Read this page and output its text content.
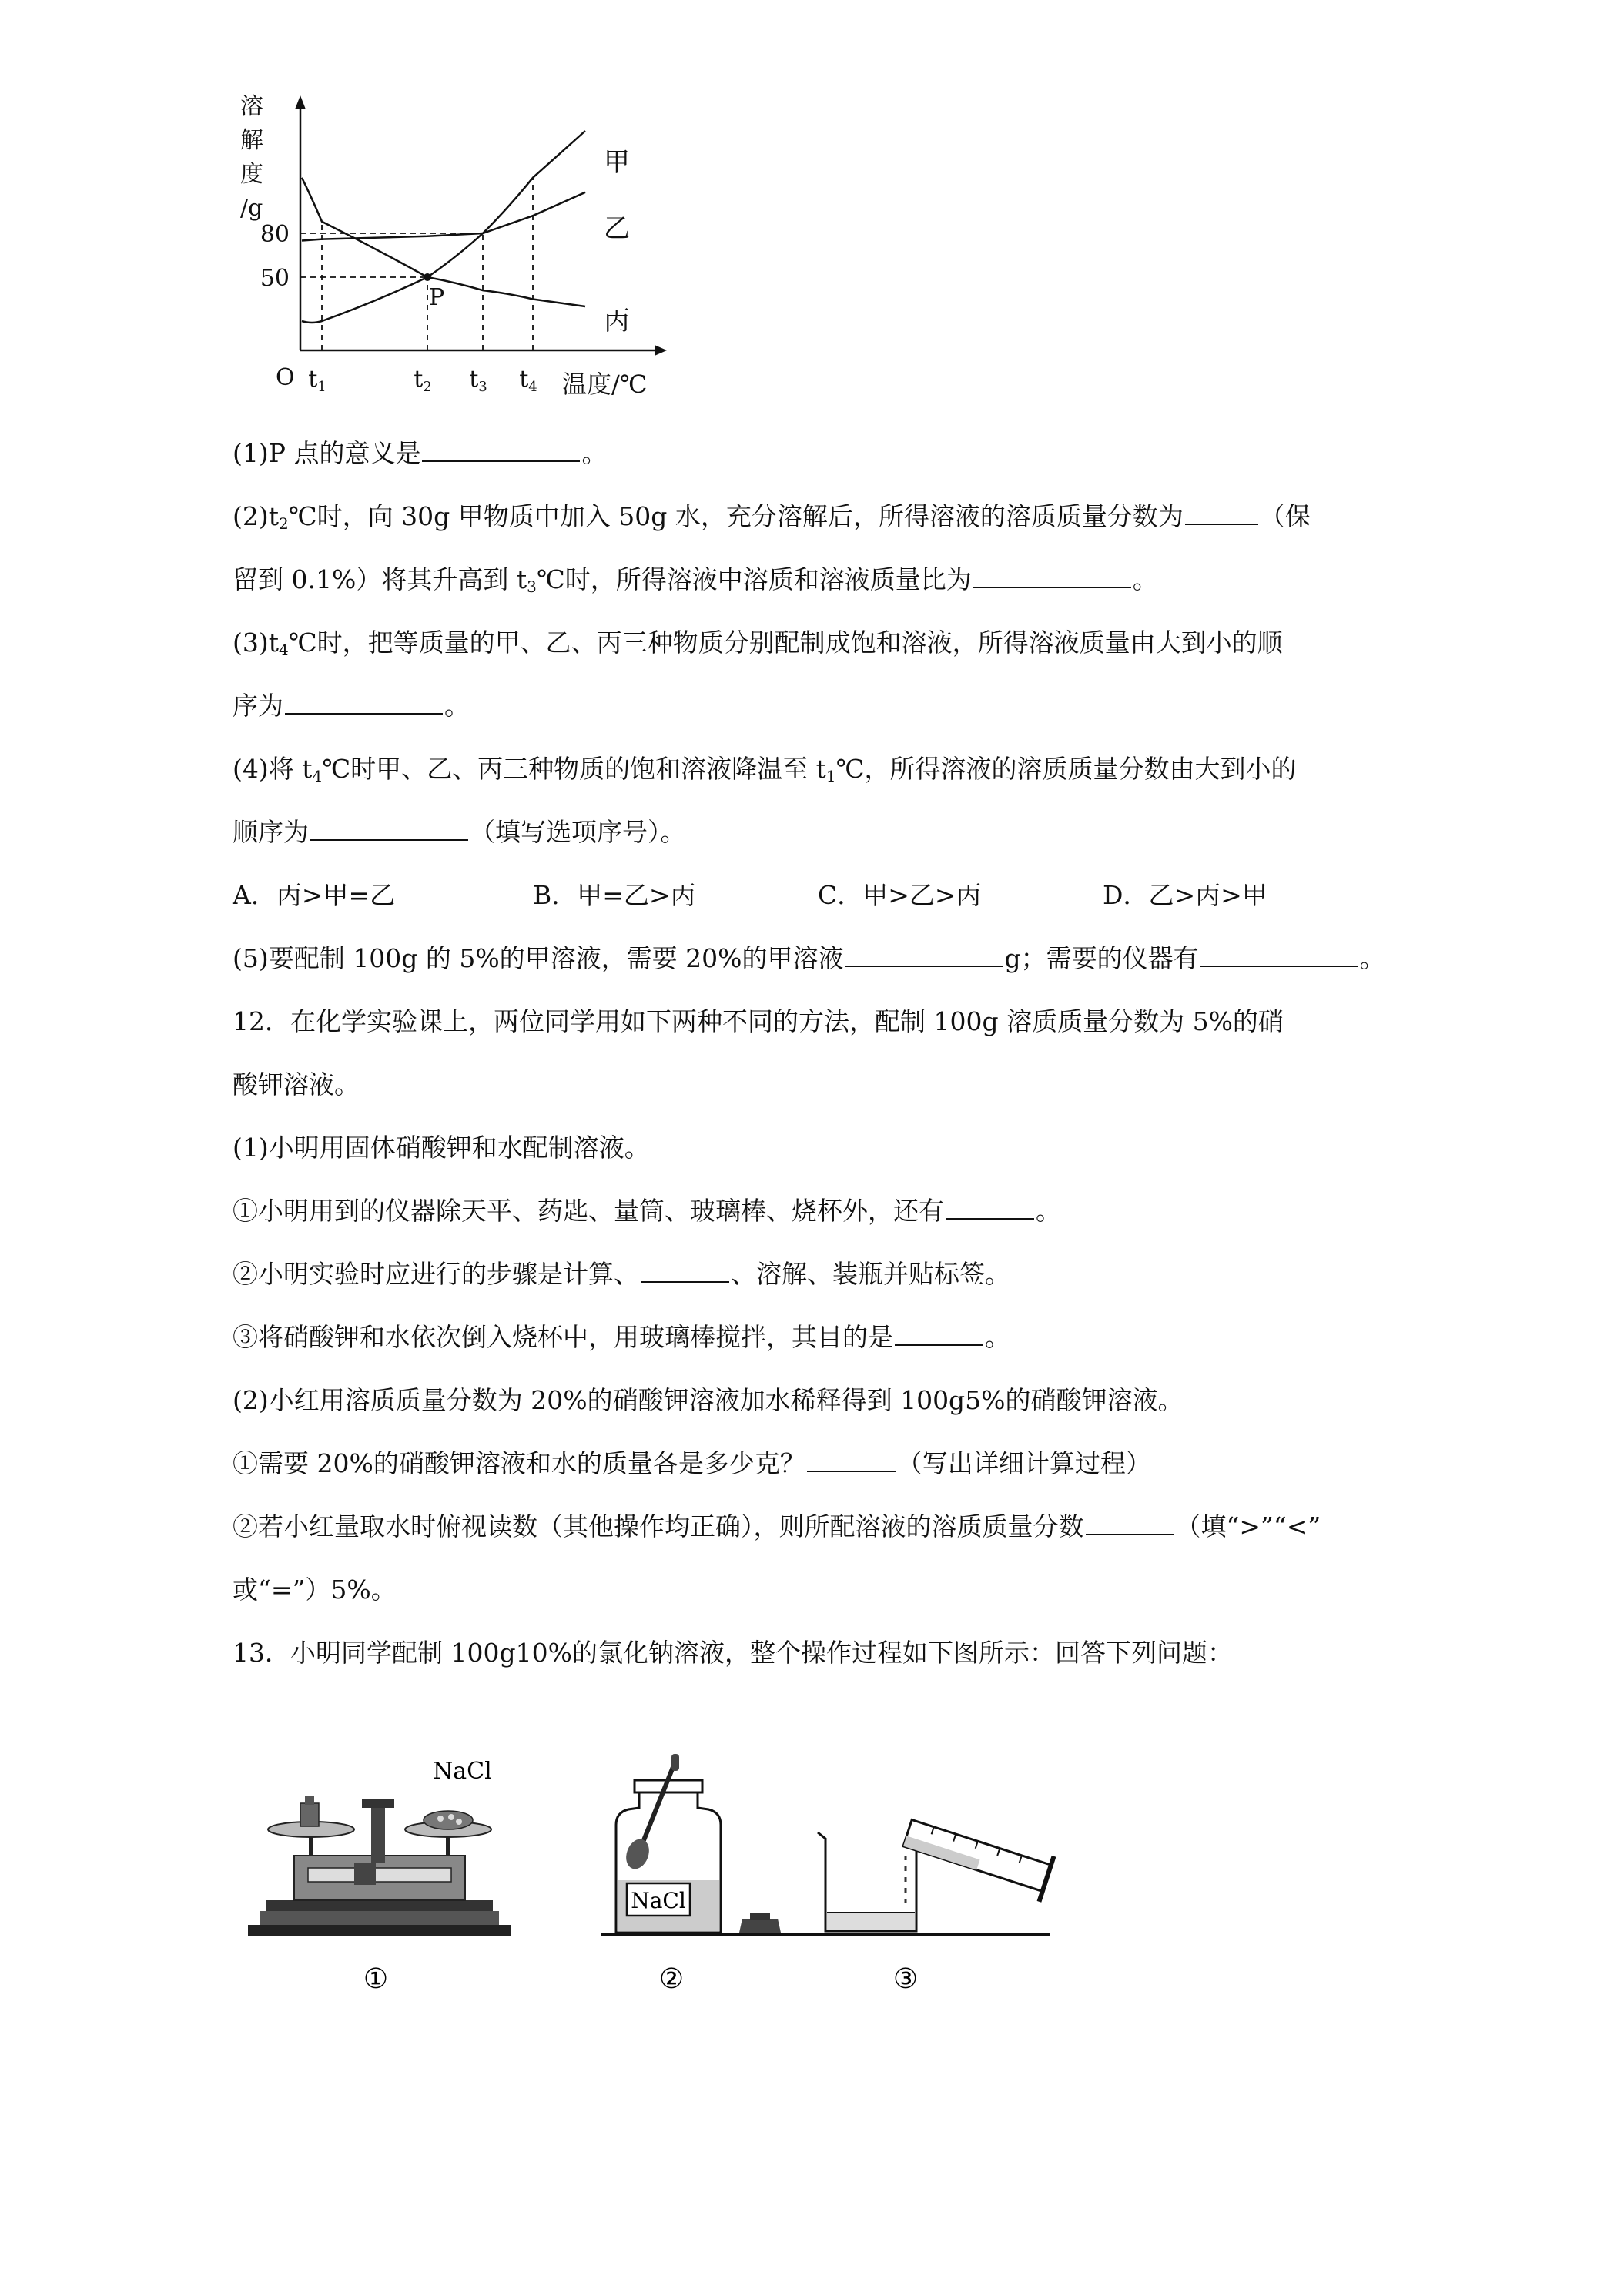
溶
解
度
/g
O
80
50
$t_1$	$t_2$ $t_3$ $t_4$ 温度/℃
P
甲
乙
丙
(1)P 点的意义是	。
$(2)t_2℃$时，向 30g 甲物质中加入 50g 水，充分溶解后，所得溶液的溶质质量分数为	（保
留到 0.1%）将其升高到 $t_3℃$时，所得溶液中溶质和溶液质量比为	。
$(3)t_4℃$时，把等质量的甲、乙、丙三种物质分别配制成饱和溶液，所得溶液质量由大到小的顺
序为	。
(4)将 $t_4℃$时甲、乙、丙三种物质的饱和溶液降温至 $t_1℃$，所得溶液的溶质质量分数由大到小的
顺序为	（填写选项序号）。
A．丙>甲=乙	B．甲=乙>丙	C．甲>乙>丙	D．乙>丙>甲
(5)要配制 100g 的 5%的甲溶液，需要 20%的甲溶液	g；需要的仪器有	。
12．在化学实验课上，两位同学用如下两种不同的方法，配制 100g 溶质质量分数为 5%的硝
酸钾溶液。
(1)小明用固体硝酸钾和水配制溶液。
①小明用到的仪器除天平、药匙、量筒、玻璃棒、烧杯外，还有	。
②小明实验时应进行的步骤是计算、	、溶解、装瓶并贴标签。
③将硝酸钾和水依次倒入烧杯中，用玻璃棒搅拌，其目的是	。
(2)小红用溶质质量分数为 20%的硝酸钾溶液加水稀释得到 100g5%的硝酸钾溶液。
①需要 20%的硝酸钾溶液和水的质量各是多少克？	（写出详细计算过程）
②若小红量取水时俯视读数（其他操作均正确），则所配溶液的溶质质量分数	（填“>”“<”
或“=”）5%。
13．小明同学配制 100g10%的氯化钠溶液，整个操作过程如下图所示：回答下列问题：
NaCl
①
NaCl
②	③
